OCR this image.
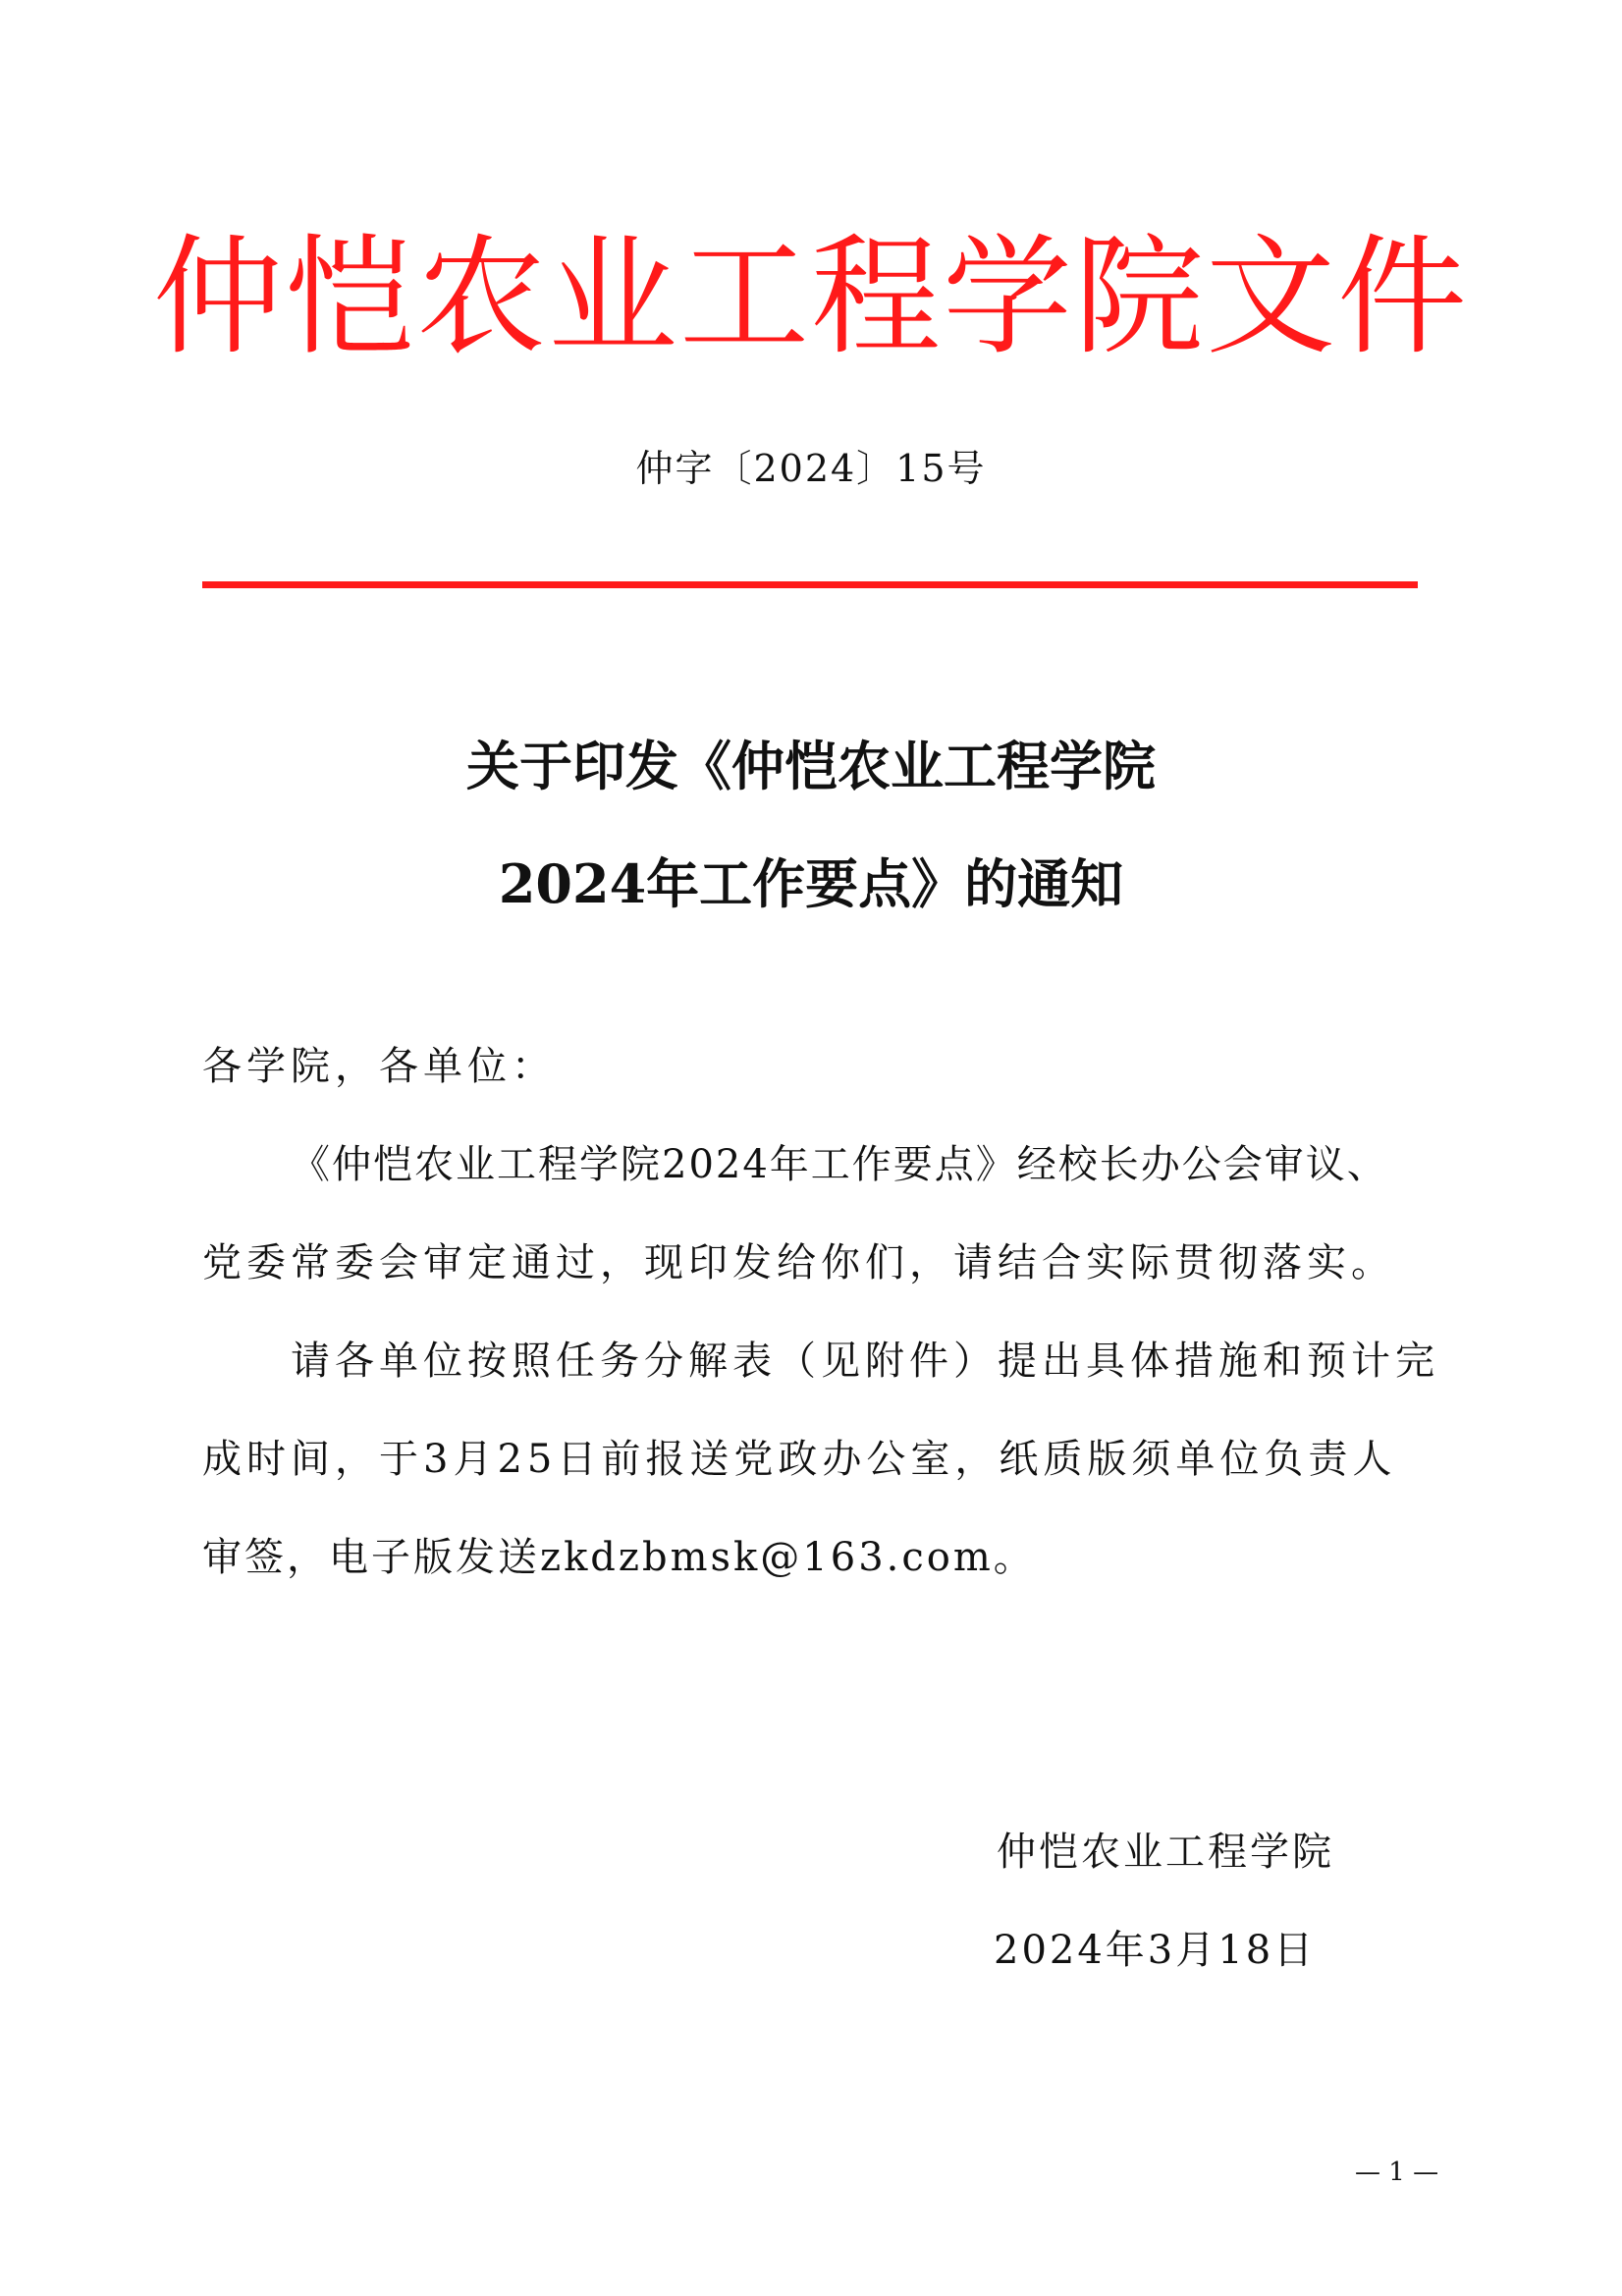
仲恺农业工程学院文件
仲字〔2024〕15号
关于印发《仲恺农业工程学院
2024年工作要点》的通知
各学院，各单位：
《仲恺农业工程学院2024年工作要点》经校长办公会审议、
党委常委会审定通过，现印发给你们，请结合实际贯彻落实。
请各单位按照任务分解表（见附件）提出具体措施和预计完
成时间，于3月25日前报送党政办公室，纸质版须单位负责人
审签，电子版发送zkdzbmsk@163.com。
仲恺农业工程学院
2024年3月18日
— 1 —
